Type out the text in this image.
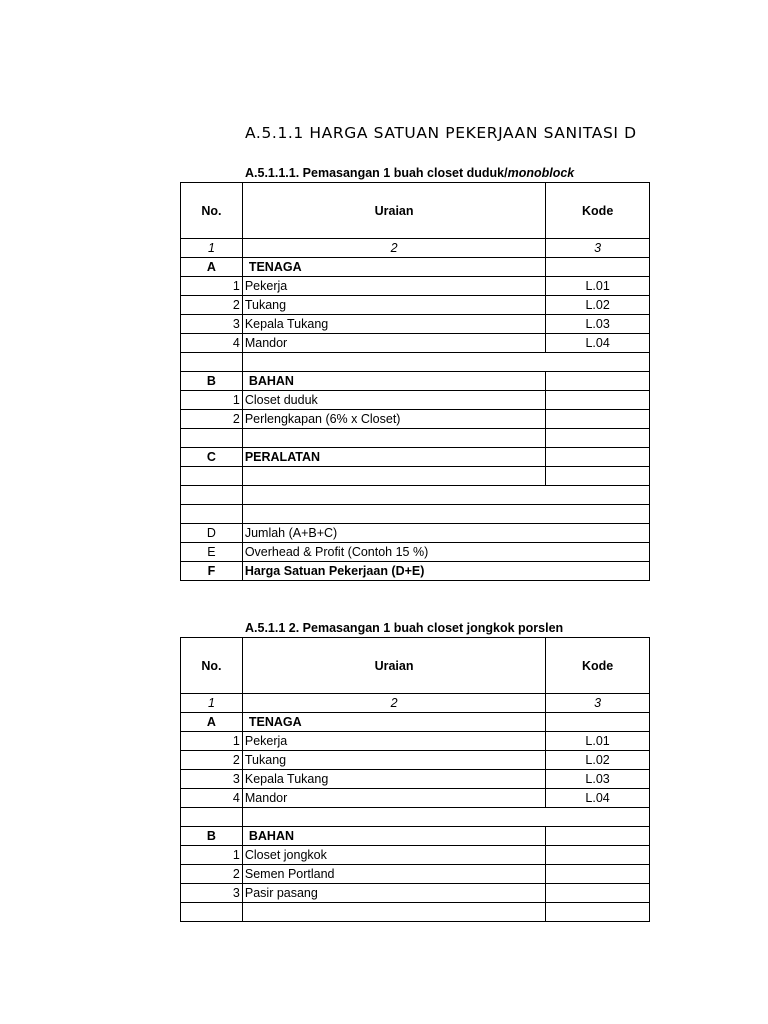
A.5.1.1 HARGA SATUAN PEKERJAAN SANITASI D
A.5.1.1.1. Pemasangan 1 buah closet duduk/monoblock
No.	Uraian	Kode
1	2	3
A	TENAGA	
1	Pekerja	L.01
2	Tukang	L.02
3	Kepala Tukang	L.03
4	Mandor	L.04

B	BAHAN	
1	Closet duduk	
2	Perlengkapan (6% x Closet)	

C	PERALATAN	

D	Jumlah (A+B+C)	
E	Overhead & Profit (Contoh 15 %)	
F	Harga Satuan Pekerjaan (D+E)	
A.5.1.1 2. Pemasangan 1 buah closet jongkok porslen
No.	Uraian	Kode
1	2	3
A	TENAGA	
1	Pekerja	L.01
2	Tukang	L.02
3	Kepala Tukang	L.03
4	Mandor	L.04

B	BAHAN	
1	Closet jongkok	
2	Semen Portland	
3	Pasir pasang	
